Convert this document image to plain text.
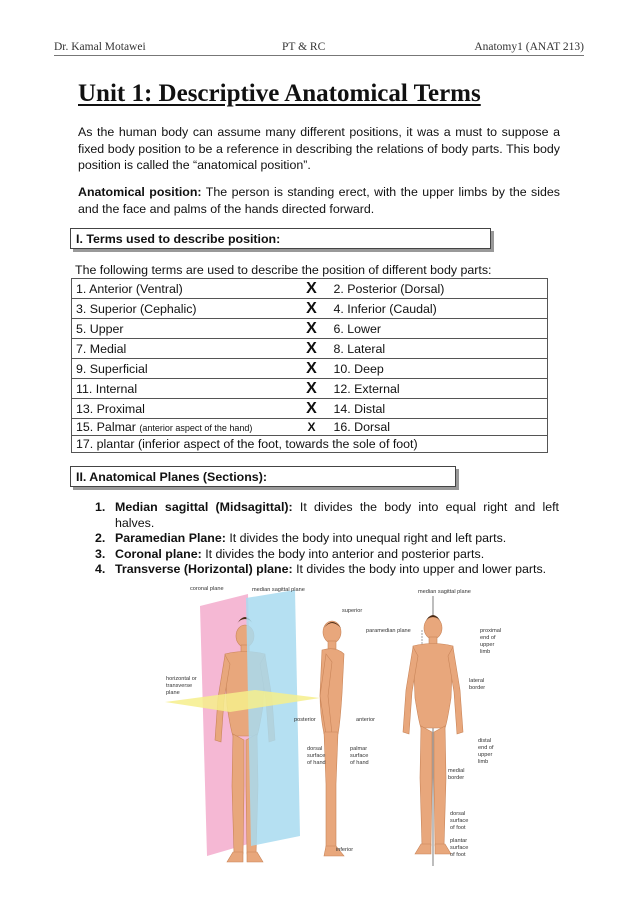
Dr. Kamal Motawei	PT & RC	Anatomy1 (ANAT 213)
Unit 1: Descriptive Anatomical Terms

As the human body can assume many different positions, it was a must to suppose a fixed body position to be a reference in describing the relations of body parts. This body position is called the “anatomical position”.

Anatomical position: The person is standing erect, with the upper limbs by the sides and the face and palms of the hands directed forward.

I. Terms used to describe position:
The following terms are used to describe the position of different body parts:
1. Anterior (Ventral)	X	2. Posterior (Dorsal)
3. Superior (Cephalic)	X	4. Inferior (Caudal)
5. Upper	X	6. Lower
7. Medial	X	8. Lateral
9. Superficial	X	10. Deep
11. Internal	X	12. External
13. Proximal	X	14. Distal
15. Palmar (anterior aspect of the hand)	X	16. Dorsal
17. plantar (inferior aspect of the foot, towards the sole of foot)		
II. Anatomical Planes (Sections):
1. Median sagittal (Midsagittal): It divides the body into equal right and left halves.
2. Paramedian Plane: It divides the body into unequal right and left parts.
3. Coronal plane: It divides the body into anterior and posterior parts.
4. Transverse (Horizontal) plane: It divides the body into upper and lower parts.
coronal plane	median sagittal plane
horizontal or
transverse
plane
superior
posterior	anterior
dorsal
surface
of hand
palmar
surface
of hand
inferior
median sagittal plane
paramedian plane	proximal
end of
upper
limb
lateral
border
distal
end of
upper
limb
medial
border
dorsal
surface
of foot
plantar
surface
of foot
